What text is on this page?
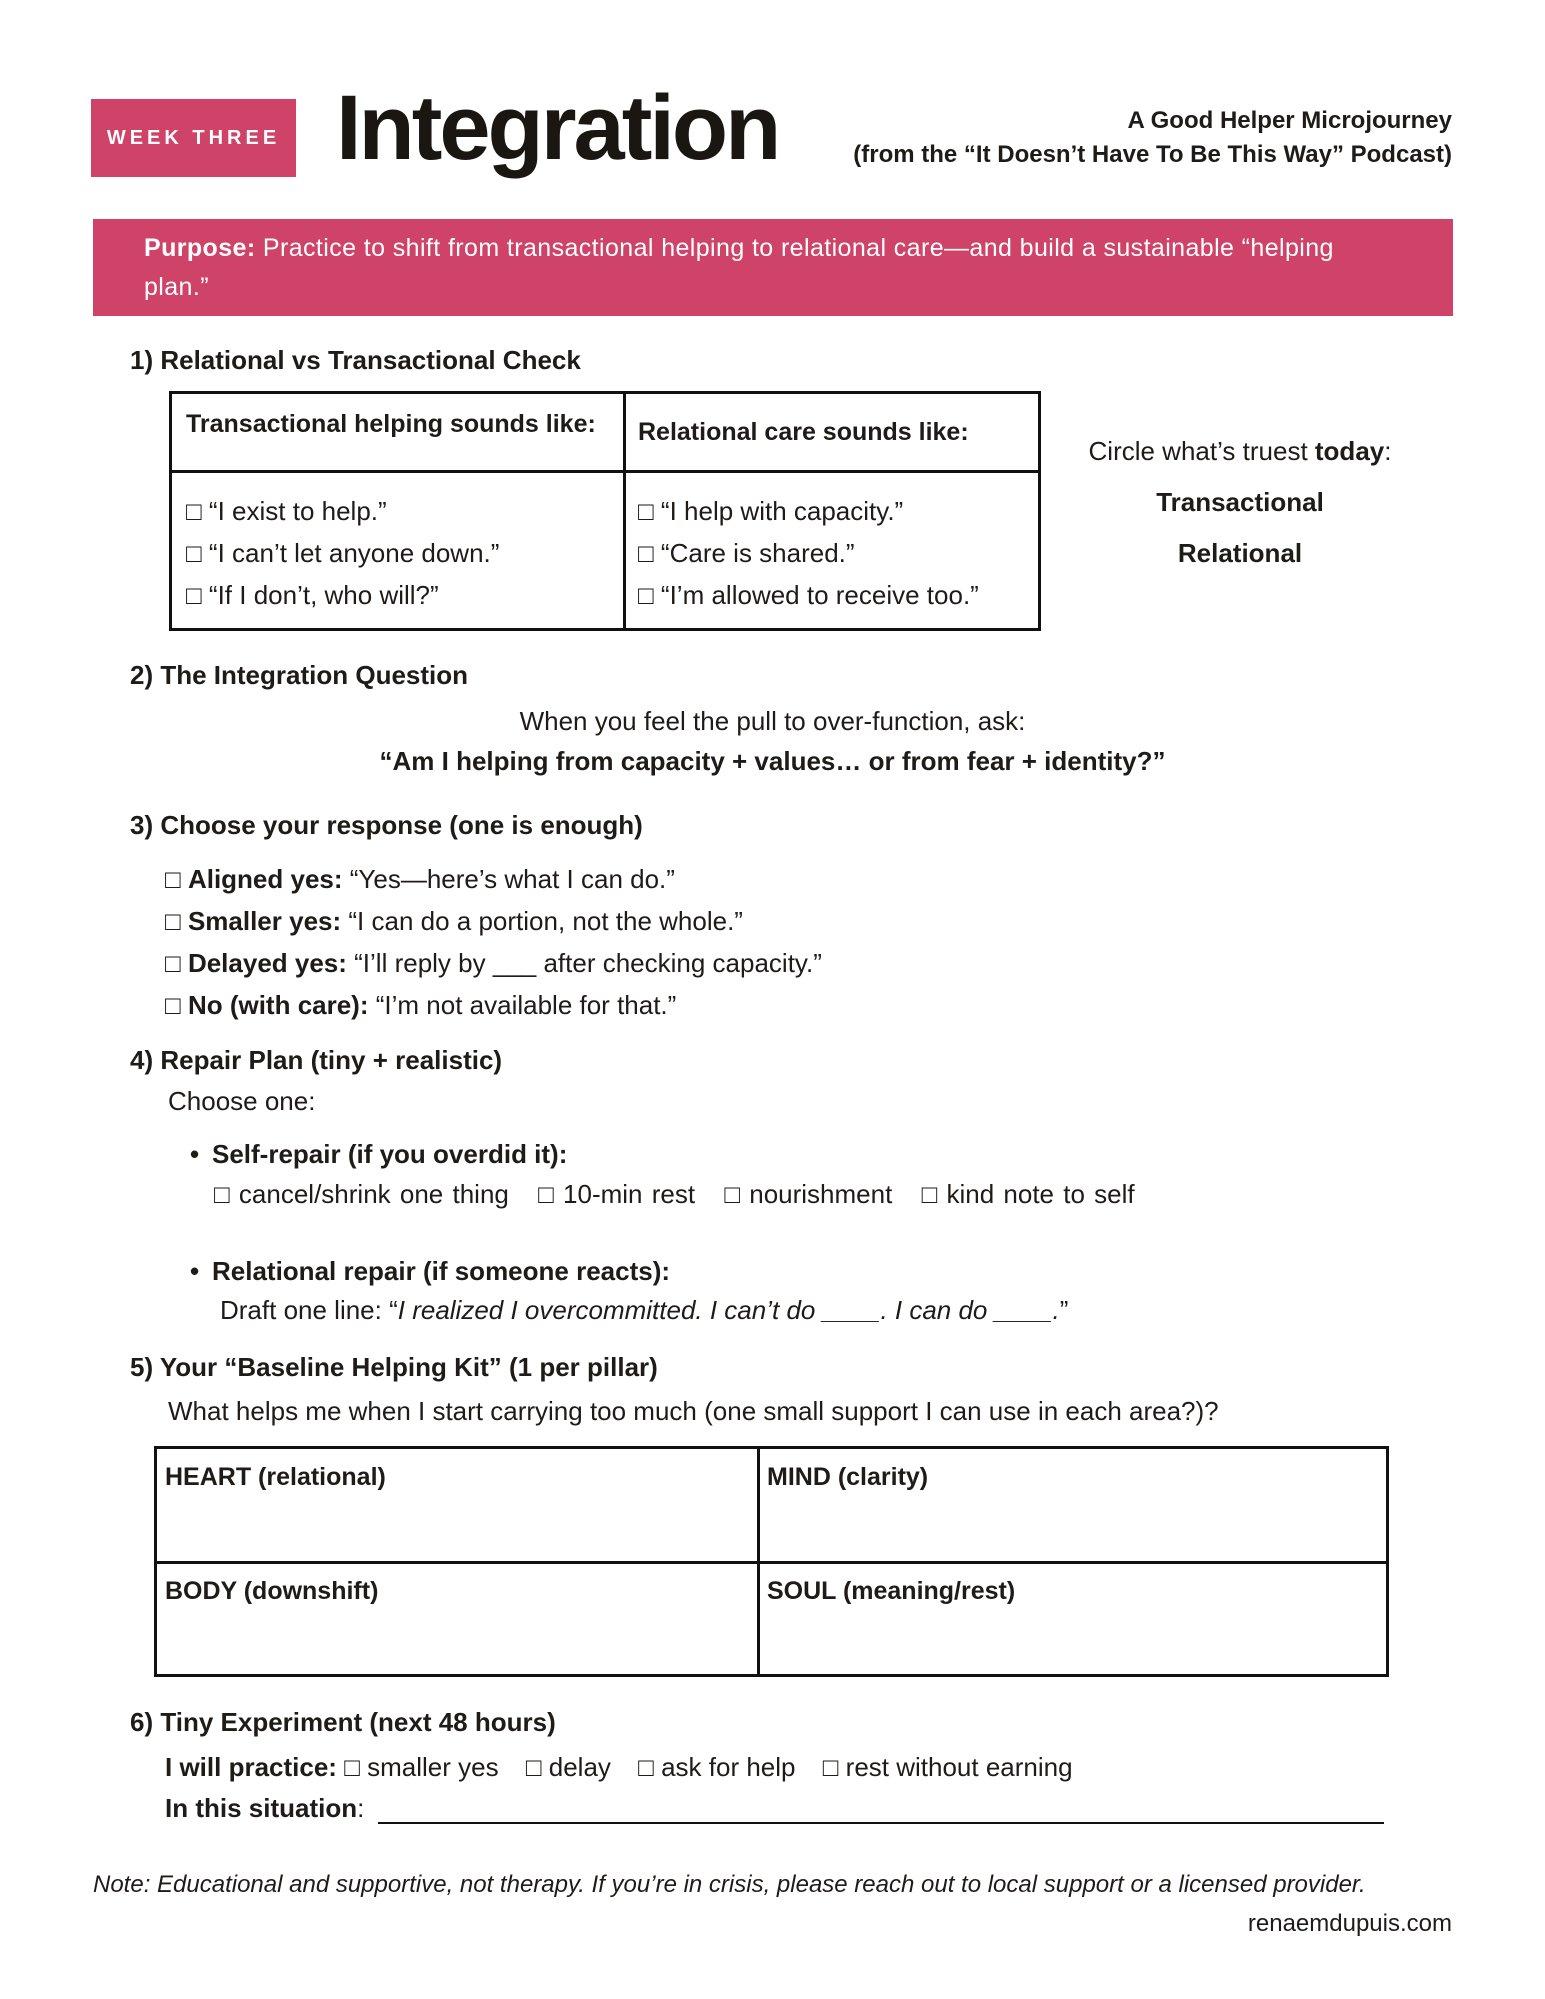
WEEK THREE Integration	A Good Helper Microjourney
(from the “It Doesn’t Have To Be This Way” Podcast)
Purpose: Practice to shift from transactional helping to relational care—and build a sustainable “helping plan.”
1) Relational vs Transactional Check
Transactional helping sounds like: Relational care sounds like:
□ “I exist to help.”
□ “I can’t let anyone down.”
□ “If I don’t, who will?”
□ “I help with capacity.”
□ “Care is shared.”
□ “I’m allowed to receive too.”
Circle what’s truest today:
Transactional
Relational
2) The Integration Question
When you feel the pull to over-function, ask:
“Am I helping from capacity + values… or from fear + identity?”
3) Choose your response (one is enough)
□ Aligned yes: “Yes—here’s what I can do.”
□ Smaller yes: “I can do a portion, not the whole.”
□ Delayed yes: “I’ll reply by ___ after checking capacity.”
□ No (with care): “I’m not available for that.”
4) Repair Plan (tiny + realistic)
Choose one:
• Self-repair (if you overdid it):
□ cancel/shrink one thing □ 10-min rest □ nourishment □ kind note to self
• Relational repair (if someone reacts):
Draft one line: “I realized I overcommitted. I can’t do ____. I can do ____.”
5) Your “Baseline Helping Kit” (1 per pillar)
What helps me when I start carrying too much (one small support I can use in each area?)?
HEART (relational)	MIND (clarity)
BODY (downshift)	SOUL (meaning/rest)
6) Tiny Experiment (next 48 hours)
I will practice: □ smaller yes □ delay □ ask for help □ rest without earning
In this situation:
Note: Educational and supportive, not therapy. If you’re in crisis, please reach out to local support or a licensed provider.
renaemdupuis.com
